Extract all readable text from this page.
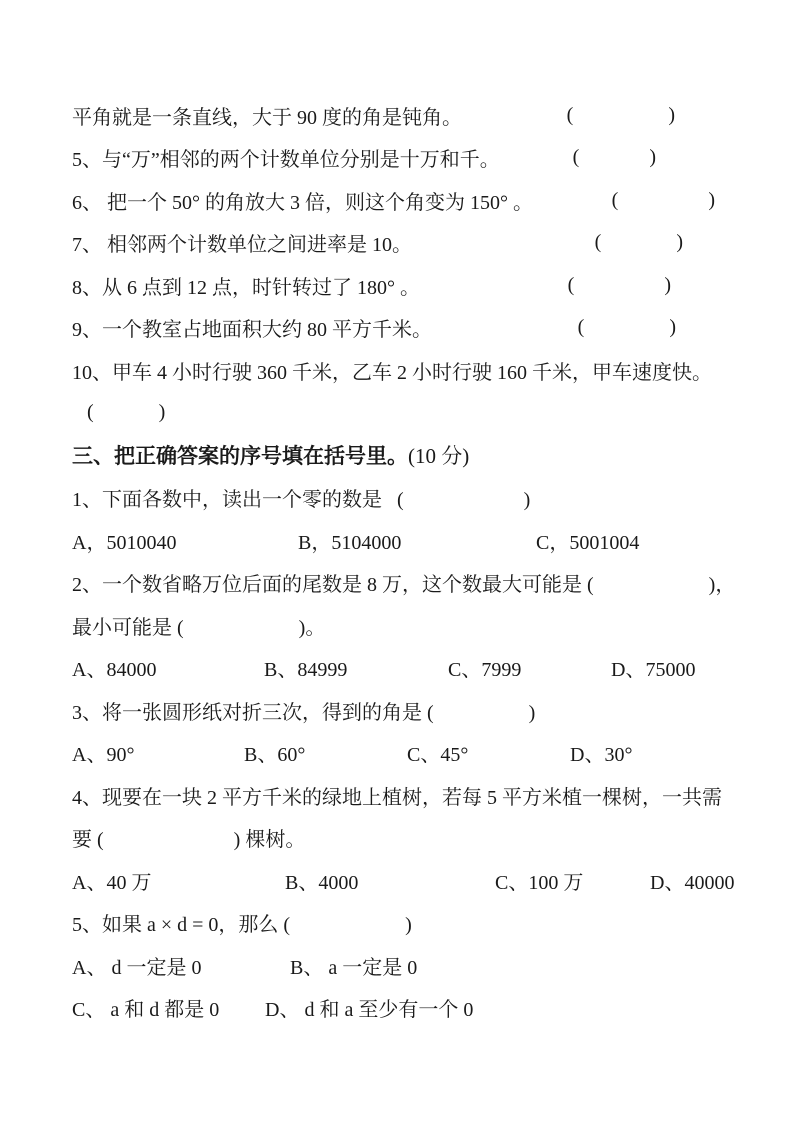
平角就是一条直线，大于 90 度的角是钝角。	(                   )
5、与“万”相邻的两个计数单位分别是十万和千。	(              )
6、 把一个 50° 的角放大 3 倍，则这个角变为 150° 。	(                  )
7、 相邻两个计数单位之间进率是 10。	(               )
8、从 6 点到 12 点，时针转过了 180° 。	(                  )
9、一个教室占地面积大约 80 平方千米。	(                 )
10、甲车 4 小时行驶 360 千米，乙车 2 小时行驶 160 千米，甲车速度快。
(             )
三、把正确答案的序号填在括号里。 (10 分)
1、下面各数中，读出一个零的数是   (                        )
A，5010040	B，5104000	C，5001004
2、一个数省略万位后面的尾数是 8 万，这个数最大可能是 (                       )，
最小可能是 (                       )。
A、84000	B、84999	C、7999	D、75000
3、将一张圆形纸对折三次，得到的角是 (                   )
A、90°	B、60°	C、45°	D、30°
4、现要在一块 2 平方千米的绿地上植树，若每 5 平方米植一棵树，一共需
要 (                          ) 棵树。
A、40 万	B、4000	C、100 万	D、40000
5、如果 a × d = 0，那么 (                       )
A、 d 一定是 0	B、 a 一定是 0
C、 a 和 d 都是 0	D、 d 和 a 至少有一个 0
